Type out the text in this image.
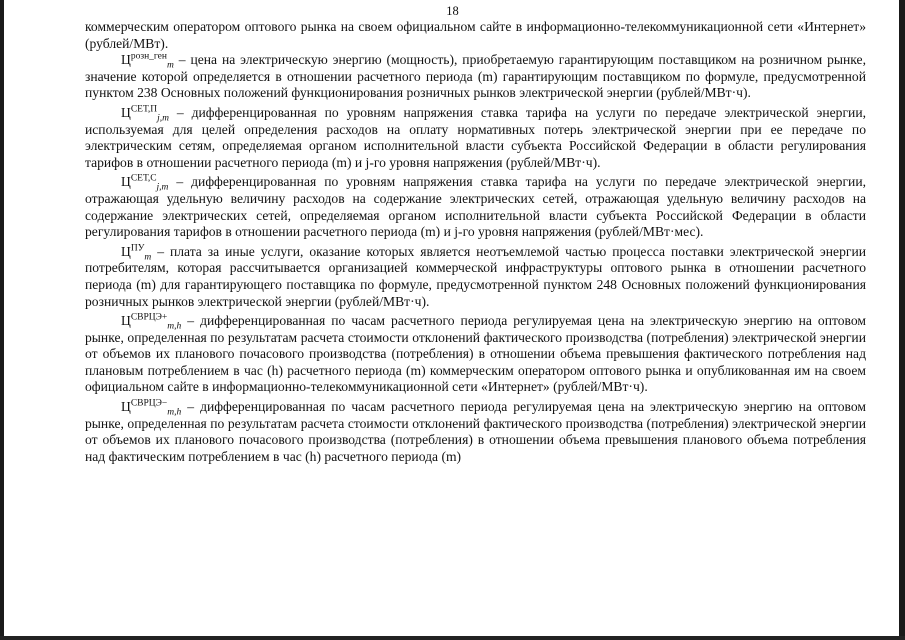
18

коммерческим оператором оптового рынка на своем официальном сайте в информационно-телекоммуникационной сети «Интернет» (рублей/МВт).

$Ц^{розн\_ген}_m$ – цена на электрическую энергию (мощность), приобретаемую гарантирующим поставщиком на розничном рынке, значение которой определяется в отношении расчетного периода (m) гарантирующим поставщиком по формуле, предусмотренной пунктом 238 Основных положений функционирования розничных рынков электрической энергии (рублей/МВт·ч).

$Ц^{СЕТ,П}_{j,m}$ – дифференцированная по уровням напряжения ставка тарифа на услуги по передаче электрической энергии, используемая для целей определения расходов на оплату нормативных потерь электрической энергии при ее передаче по электрическим сетям, определяемая органом исполнительной власти субъекта Российской Федерации в области регулирования тарифов в отношении расчетного периода (m) и j-го уровня напряжения (рублей/МВт·ч).

$Ц^{СЕТ,С}_{j,m}$ – дифференцированная по уровням напряжения ставка тарифа на услуги по передаче электрической энергии, отражающая удельную величину расходов на содержание электрических сетей, отражающая удельную величину расходов на содержание электрических сетей, определяемая органом исполнительной власти субъекта Российской Федерации в области регулирования тарифов в отношении расчетного периода (m) и j-го уровня напряжения (рублей/МВт·мес).

$Ц^{ПУ}_m$ – плата за иные услуги, оказание которых является неотъемлемой частью процесса поставки электрической энергии потребителям, которая рассчитывается организацией коммерческой инфраструктуры оптового рынка в отношении расчетного периода (m) для гарантирующего поставщика по формуле, предусмотренной пунктом 248 Основных положений функционирования розничных рынков электрической энергии (рублей/МВт·ч).

$Ц^{СВРЦЭ+}_{m,h}$ – дифференцированная по часам расчетного периода регулируемая цена на электрическую энергию на оптовом рынке, определенная по результатам расчета стоимости отклонений фактического производства (потребления) электрической энергии от объемов их планового почасового производства (потребления) в отношении объема превышения фактического потребления над плановым потреблением в час (h) расчетного периода (m) коммерческим оператором оптового рынка и опубликованная им на своем официальном сайте в информационно-телекоммуникационной сети «Интернет» (рублей/МВт·ч).

$Ц^{СВРЦЭ-}_{m,h}$ – дифференцированная по часам расчетного периода регулируемая цена на электрическую энергию на оптовом рынке, определенная по результатам расчета стоимости отклонений фактического производства (потребления) электрической энергии от объемов их планового почасового производства (потребления) в отношении объема превышения планового объема потребления над фактическим потреблением в час (h) расчетного периода (m)
